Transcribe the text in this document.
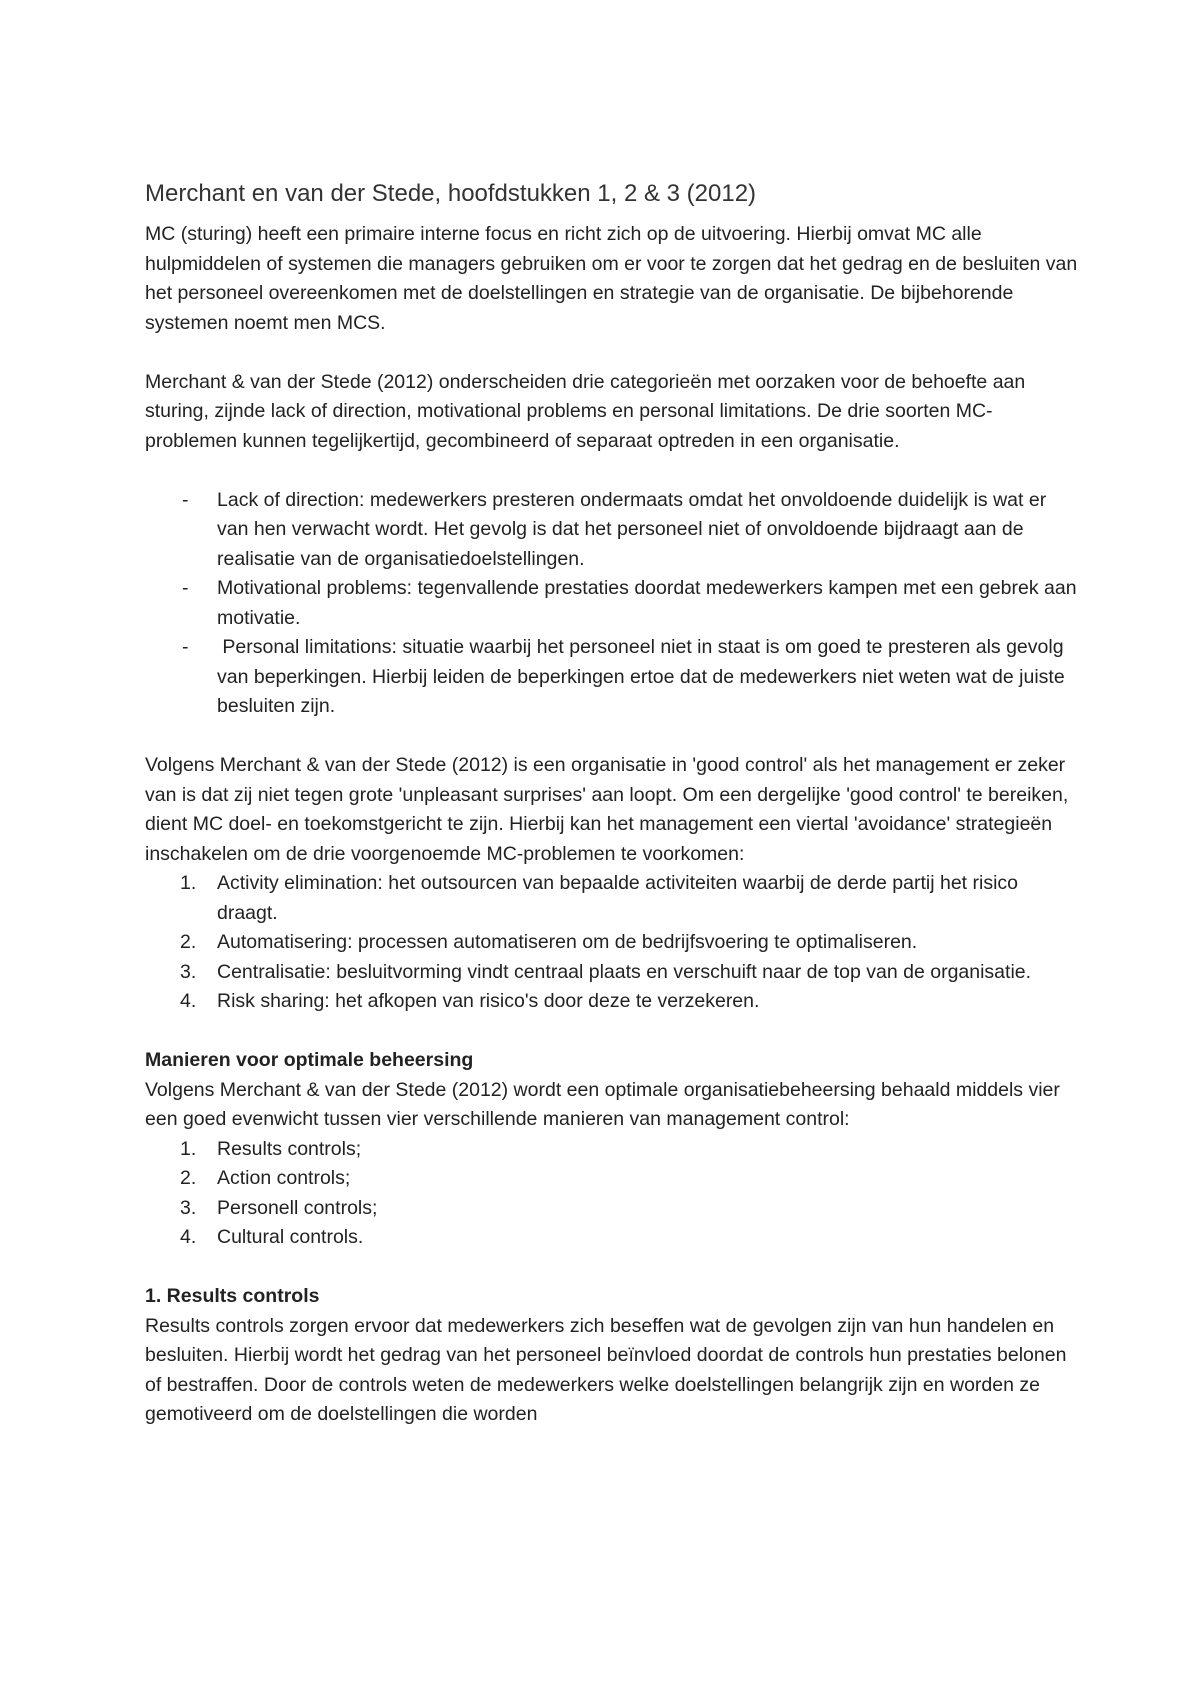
Merchant en van der Stede, hoofdstukken 1, 2 & 3 (2012)

MC (sturing) heeft een primaire interne focus en richt zich op de uitvoering. Hierbij omvat MC alle hulpmiddelen of systemen die managers gebruiken om er voor te zorgen dat het gedrag en de besluiten van het personeel overeenkomen met de doelstellingen en strategie van de organisatie. De bijbehorende systemen noemt men MCS.

Merchant & van der Stede (2012) onderscheiden drie categorieën met oorzaken voor de behoefte aan sturing, zijnde lack of direction, motivational problems en personal limitations. De drie soorten MC-problemen kunnen tegelijkertijd, gecombineerd of separaat optreden in een organisatie.

-	Lack of direction: medewerkers presteren ondermaats omdat het onvoldoende duidelijk is wat er van hen verwacht wordt. Het gevolg is dat het personeel niet of onvoldoende bijdraagt aan de realisatie van de organisatiedoelstellingen.
-	Motivational problems: tegenvallende prestaties doordat medewerkers kampen met een gebrek aan motivatie.
-	Personal limitations: situatie waarbij het personeel niet in staat is om goed te presteren als gevolg van beperkingen. Hierbij leiden de beperkingen ertoe dat de medewerkers niet weten wat de juiste besluiten zijn.

Volgens Merchant & van der Stede (2012) is een organisatie in 'good control' als het management er zeker van is dat zij niet tegen grote 'unpleasant surprises' aan loopt. Om een dergelijke 'good control' te bereiken, dient MC doel- en toekomstgericht te zijn. Hierbij kan het management een viertal 'avoidance' strategieën inschakelen om de drie voorgenoemde MC-problemen te voorkomen:

1.	Activity elimination: het outsourcen van bepaalde activiteiten waarbij de derde partij het risico draagt.
2.	Automatisering: processen automatiseren om de bedrijfsvoering te optimaliseren.
3.	Centralisatie: besluitvorming vindt centraal plaats en verschuift naar de top van de organisatie.
4.	Risk sharing: het afkopen van risico's door deze te verzekeren.
Manieren voor optimale beheersing

Volgens Merchant & van der Stede (2012) wordt een optimale organisatiebeheersing behaald middels vier een goed evenwicht tussen vier verschillende manieren van management control:

1.	Results controls;
2.	Action controls;
3.	Personell controls;
4.	Cultural controls.
1. Results controls

Results controls zorgen ervoor dat medewerkers zich beseffen wat de gevolgen zijn van hun handelen en besluiten. Hierbij wordt het gedrag van het personeel beïnvloed doordat de controls hun prestaties belonen of bestraffen. Door de controls weten de medewerkers welke doelstellingen belangrijk zijn en worden ze gemotiveerd om de doelstellingen die worden
